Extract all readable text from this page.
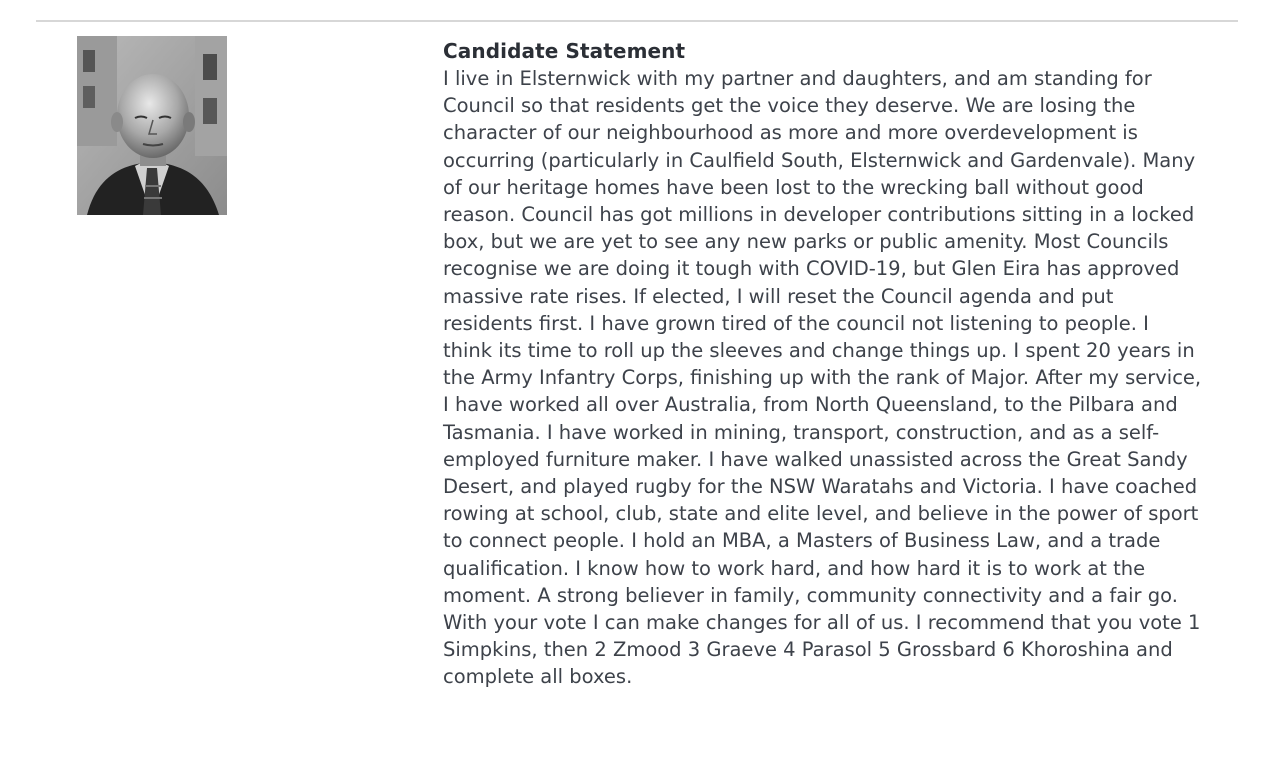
Candidate Statement

I live in Elsternwick with my partner and daughters, and am standing for Council so that residents get the voice they deserve. We are losing the character of our neighbourhood as more and more overdevelopment is occurring (particularly in Caulfield South, Elsternwick and Gardenvale). Many of our heritage homes have been lost to the wrecking ball without good reason. Council has got millions in developer contributions sitting in a locked box, but we are yet to see any new parks or public amenity. Most Councils recognise we are doing it tough with COVID-19, but Glen Eira has approved massive rate rises. If elected, I will reset the Council agenda and put residents first. I have grown tired of the council not listening to people. I think its time to roll up the sleeves and change things up. I spent 20 years in the Army Infantry Corps, finishing up with the rank of Major. After my service, I have worked all over Australia, from North Queensland, to the Pilbara and Tasmania. I have worked in mining, transport, construction, and as a self-employed furniture maker. I have walked unassisted across the Great Sandy Desert, and played rugby for the NSW Waratahs and Victoria. I have coached rowing at school, club, state and elite level, and believe in the power of sport to connect people. I hold an MBA, a Masters of Business Law, and a trade qualification. I know how to work hard, and how hard it is to work at the moment. A strong believer in family, community connectivity and a fair go. With your vote I can make changes for all of us. I recommend that you vote 1 Simpkins, then 2 Zmood 3 Graeve 4 Parasol 5 Grossbard 6 Khoroshina and complete all boxes.
